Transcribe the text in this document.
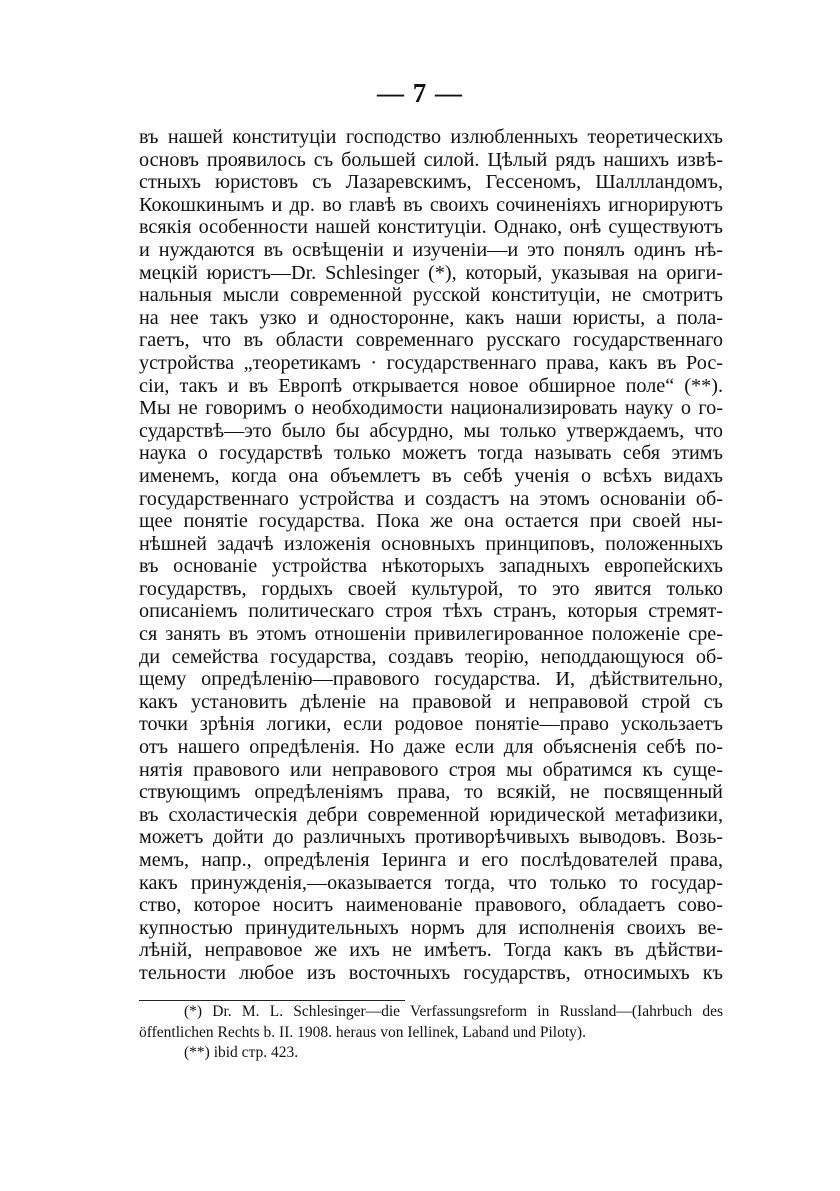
— 7 —
въ нашей конституціи господство излюбленныхъ теоретическихъ
основъ проявилось съ большей силой. Цѣлый рядъ нашихъ извѣ-
стныхъ юристовъ съ Лазаревскимъ, Гессеномъ, Шаллландомъ,
Кокошкинымъ и др. во главѣ въ своихъ сочиненіяхъ игнорируютъ
всякія особенности нашей конституціи. Однако, онѣ существуютъ
и нуждаются въ освѣщеніи и изученіи—и это понялъ одинъ нѣ-
мецкій юристъ—Dr. Schlesinger (*), который, указывая на ориги-
нальныя мысли современной русской конституціи, не смотритъ
на нее такъ узко и односторонне, какъ наши юристы, а пола-
гаетъ, что въ области современнаго русскаго государственнаго
устройства „теоретикамъ · государственнаго права, какъ въ Рос-
сіи, такъ и въ Европѣ открывается новое обширное поле“ (**).
Мы не говоримъ о необходимости национализировать науку о го-
сударствѣ—это было бы абсурдно, мы только утверждаемъ, что
наука о государствѣ только можетъ тогда называть себя этимъ
именемъ, когда она объемлетъ въ себѣ ученія о всѣхъ видахъ
государственнаго устройства и создастъ на этомъ основаніи об-
щее понятіе государства. Пока же она остается при своей ны-
нѣшней задачѣ изложенія основныхъ принциповъ, положенныхъ
въ основаніе устройства нѣкоторыхъ западныхъ европейскихъ
государствъ, гордыхъ своей культурой, то это явится только
описаніемъ политическаго строя тѣхъ странъ, которыя стремят-
ся занять въ этомъ отношеніи привилегированное положеніе сре-
ди семейства государства, создавъ теорію, неподдающуюся об-
щему опредѣленію—правового государства. И, дѣйствительно,
какъ установить дѣленіе на правовой и неправовой строй съ
точки зрѣнія логики, если родовое понятіе—право ускользаетъ
отъ нашего опредѣленія. Но даже если для объясненія себѣ по-
нятія правового или неправового строя мы обратимся къ суще-
ствующимъ опредѣленіямъ права, то всякій, не посвященный
въ схоластическія дебри современной юридической метафизики,
можетъ дойти до различныхъ противорѣчивыхъ выводовъ. Возь-
мемъ, напр., опредѣленія Іеринга и его послѣдователей права,
какъ принужденія,—оказывается тогда, что только то государ-
ство, которое носитъ наименованіе правового, обладаетъ сово-
купностью принудительныхъ нормъ для исполненія своихъ ве-
лѣній, неправовое же ихъ не имѣетъ. Тогда какъ въ дѣйстви-
тельности любое изъ восточныхъ государствъ, относимыхъ къ
(*) Dr. M. L. Schlesinger—die Verfassungsreform in Russland—(Iahrbuch des
öffentlichen Rechts b. II. 1908. heraus von Iellinek, Laband und Piloty).
(**) ibid стр. 423.
